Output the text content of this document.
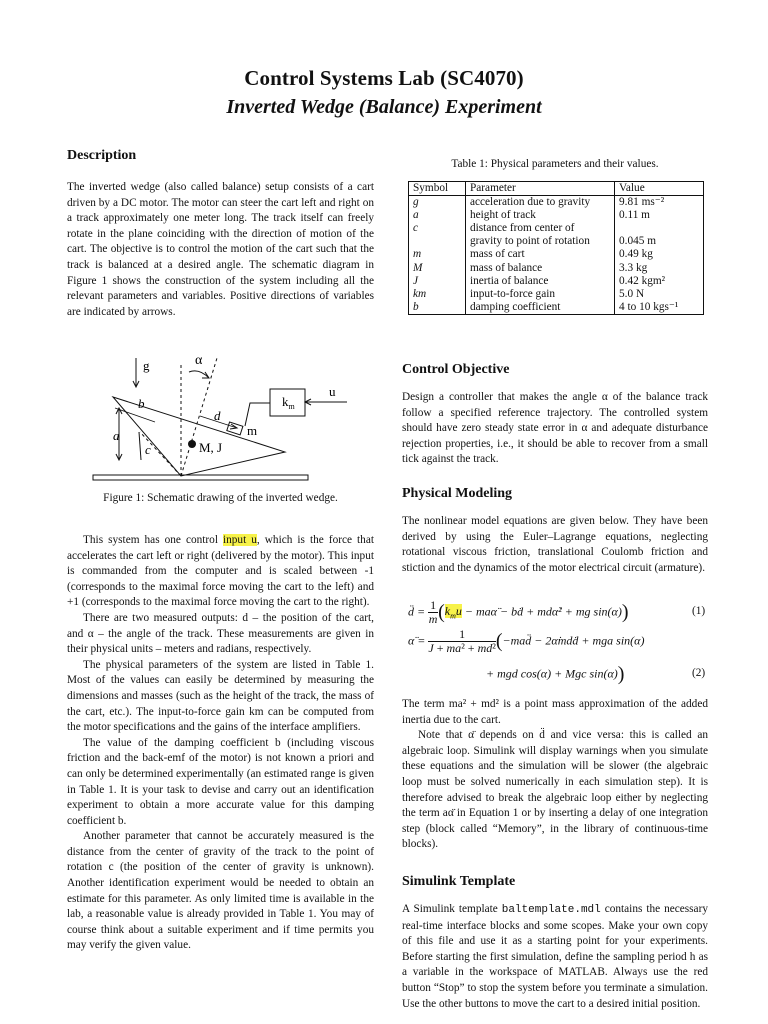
Control Systems Lab (SC4070)
Inverted Wedge (Balance) Experiment
Description

The inverted wedge (also called balance) setup consists of a cart driven by a DC motor. The motor can steer the cart left and right on a track approximately one meter long. The track itself can freely rotate in the plane coinciding with the direction of motion of the cart. The objective is to control the motion of the cart such that the track is balanced at a desired angle. The schematic diagram in Figure 1 shows the construction of the system including all the relevant parameters and variables. Positive directions of variables are indicated by arrows.

g	α
u
$k_m$
b
d
m
a
c	M, J
Figure 1: Schematic drawing of the inverted wedge.

This system has one control input u, which is the force that accelerates the cart left or right (delivered by the motor). This input is commanded from the computer and is scaled between -1 (corresponds to the maximal force moving the cart to the left) and +1 (corresponds to the maximal force moving the cart to the right).

There are two measured outputs: d – the position of the cart, and α – the angle of the track. These measurements are given in their physical units – meters and radians, respectively.

The physical parameters of the system are listed in Table 1. Most of the values can easily be determined by measuring the dimensions and masses (such as the height of the track, the mass of the cart, etc.). The input-to-force gain km can be computed from the motor specifications and the gains of the interface amplifiers.

The value of the damping coefficient b (including viscous friction and the back-emf of the motor) is not known a priori and can only be determined experimentally (an estimated range is given in Table 1. It is your task to devise and carry out an identification experiment to obtain a more accurate value for this damping coefficient b.

Another parameter that cannot be accurately measured is the distance from the center of gravity of the track to the point of rotation c (the position of the center of gravity is unknown). Another identification experiment would be needed to obtain an estimate for this parameter. As only limited time is available in the lab, a reasonable value is already provided in Table 1. You may of course think about a suitable experiment and if time permits you may verify the given value.

Table 1: Physical parameters and their values.
Symbol	Parameter	Value
g	acceleration due to gravity	9.81 ms⁻²
a	height of track	0.11 m
c	distance from center of	
	gravity to point of rotation	0.045 m
m	mass of cart	0.49 kg
M	mass of balance	3.3 kg
J	inertia of balance	0.42 kgm²
km	input-to-force gain	5.0 N
b	damping coefficient	4 to 10 kgs⁻¹
Control Objective

Design a controller that makes the angle α of the balance track follow a specified reference trajectory. The controlled system should have zero steady state error in α and adequate disturbance rejection properties, i.e., it should be able to recover from a small tick against the track.

Physical Modeling

The nonlinear model equations are given below. They have been derived by using the Euler–Lagrange equations, neglecting rotational viscous friction, translational Coulomb friction and stiction and the dynamics of the motor electrical circuit (armature).

d̈ = $\frac{1}{m} (k_mu$ − maα̈ − bḋ + mdα̇² + mg sin(α))	(1)
α̈ = $\frac{1}{\text{J + ma² + md²}}$ (−mad̈ − 2α̇mdḋ + mga sin(α)
+ mgd cos(α) + Mgc sin(α))	(2)

The term ma² + md² is a point mass approximation of the added inertia due to the cart.

Note that α̈ depends on d̈ and vice versa: this is called an algebraic loop. Simulink will display warnings when you simulate these equations and the simulation will be slower (the algebraic loop must be solved numerically in each simulation step). It is therefore advised to break the algebraic loop either by neglecting the term aα̈ in Equation 1 or by inserting a delay of one integration step (block called “Memory”, in the library of continuous-time blocks).

Simulink Template

A Simulink template baltemplate.mdl contains the necessary real-time interface blocks and some scopes. Make your own copy of this file and use it as a starting point for your experiments. Before starting the first simulation, define the sampling period h as a variable in the workspace of MATLAB. Always use the red button “Stop” to stop the system before you terminate a simulation. Use the other buttons to move the cart to a desired initial position.
